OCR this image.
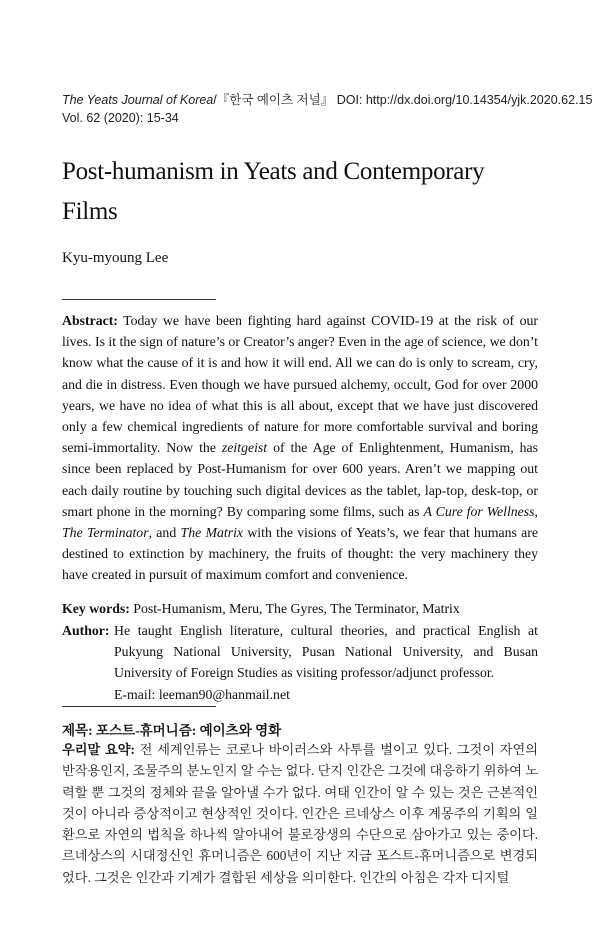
The Yeats Journal of Korea/『한국 예이츠 저널』 DOI: http://dx.doi.org/10.14354/yjk.2020.62.15
Vol. 62 (2020): 15-34
Post-humanism in Yeats and Contemporary Films
Kyu-myoung Lee
Abstract: Today we have been fighting hard against COVID-19 at the risk of our lives. Is it the sign of nature’s or Creator’s anger? Even in the age of science, we don’t know what the cause of it is and how it will end. All we can do is only to scream, cry, and die in distress. Even though we have pursued alchemy, occult, God for over 2000 years, we have no idea of what this is all about, except that we have just discovered only a few chemical ingredients of nature for more comfortable survival and boring semi-immortality. Now the zeitgeist of the Age of Enlightenment, Humanism, has since been replaced by Post-Humanism for over 600 years. Aren’t we mapping out each daily routine by touching such digital devices as the tablet, lap-top, desk-top, or smart phone in the morning? By comparing some films, such as A Cure for Wellness, The Terminator, and The Matrix with the visions of Yeats’s, we fear that humans are destined to extinction by machinery, the fruits of thought: the very machinery they have created in pursuit of maximum comfort and convenience.
Key words: Post-Humanism, Meru, The Gyres, The Terminator, Matrix
Author: He taught English literature, cultural theories, and practical English at Pukyung National University, Pusan National University, and Busan University of Foreign Studies as visiting professor/adjunct professor.
E-mail: leeman90@hanmail.net
제목: 포스트-휴머니즘: 예이츠와 영화
우리말 요약: 전 세계인류는 코로나 바이러스와 사투를 벌이고 있다. 그것이 자연의 반작용인지, 조물주의 분노인지 알 수는 없다. 단지 인간은 그것에 대응하기 위하여 노력할 뿐 그것의 정체와 끝을 알아낼 수가 없다. 여태 인간이 알 수 있는 것은 근본적인 것이 아니라 증상적이고 현상적인 것이다. 인간은 르네상스 이후 계몽주의 기획의 일환으로 자연의 법칙을 하나씩 알아내어 불로장생의 수단으로 삼아가고 있는 중이다. 르네상스의 시대정신인 휴머니즘은 600년이 지난 지금 포스트-휴머니즘으로 변경되었다. 그것은 인간과 기계가 결합된 세상을 의미한다. 인간의 아침은 각자 디지털
